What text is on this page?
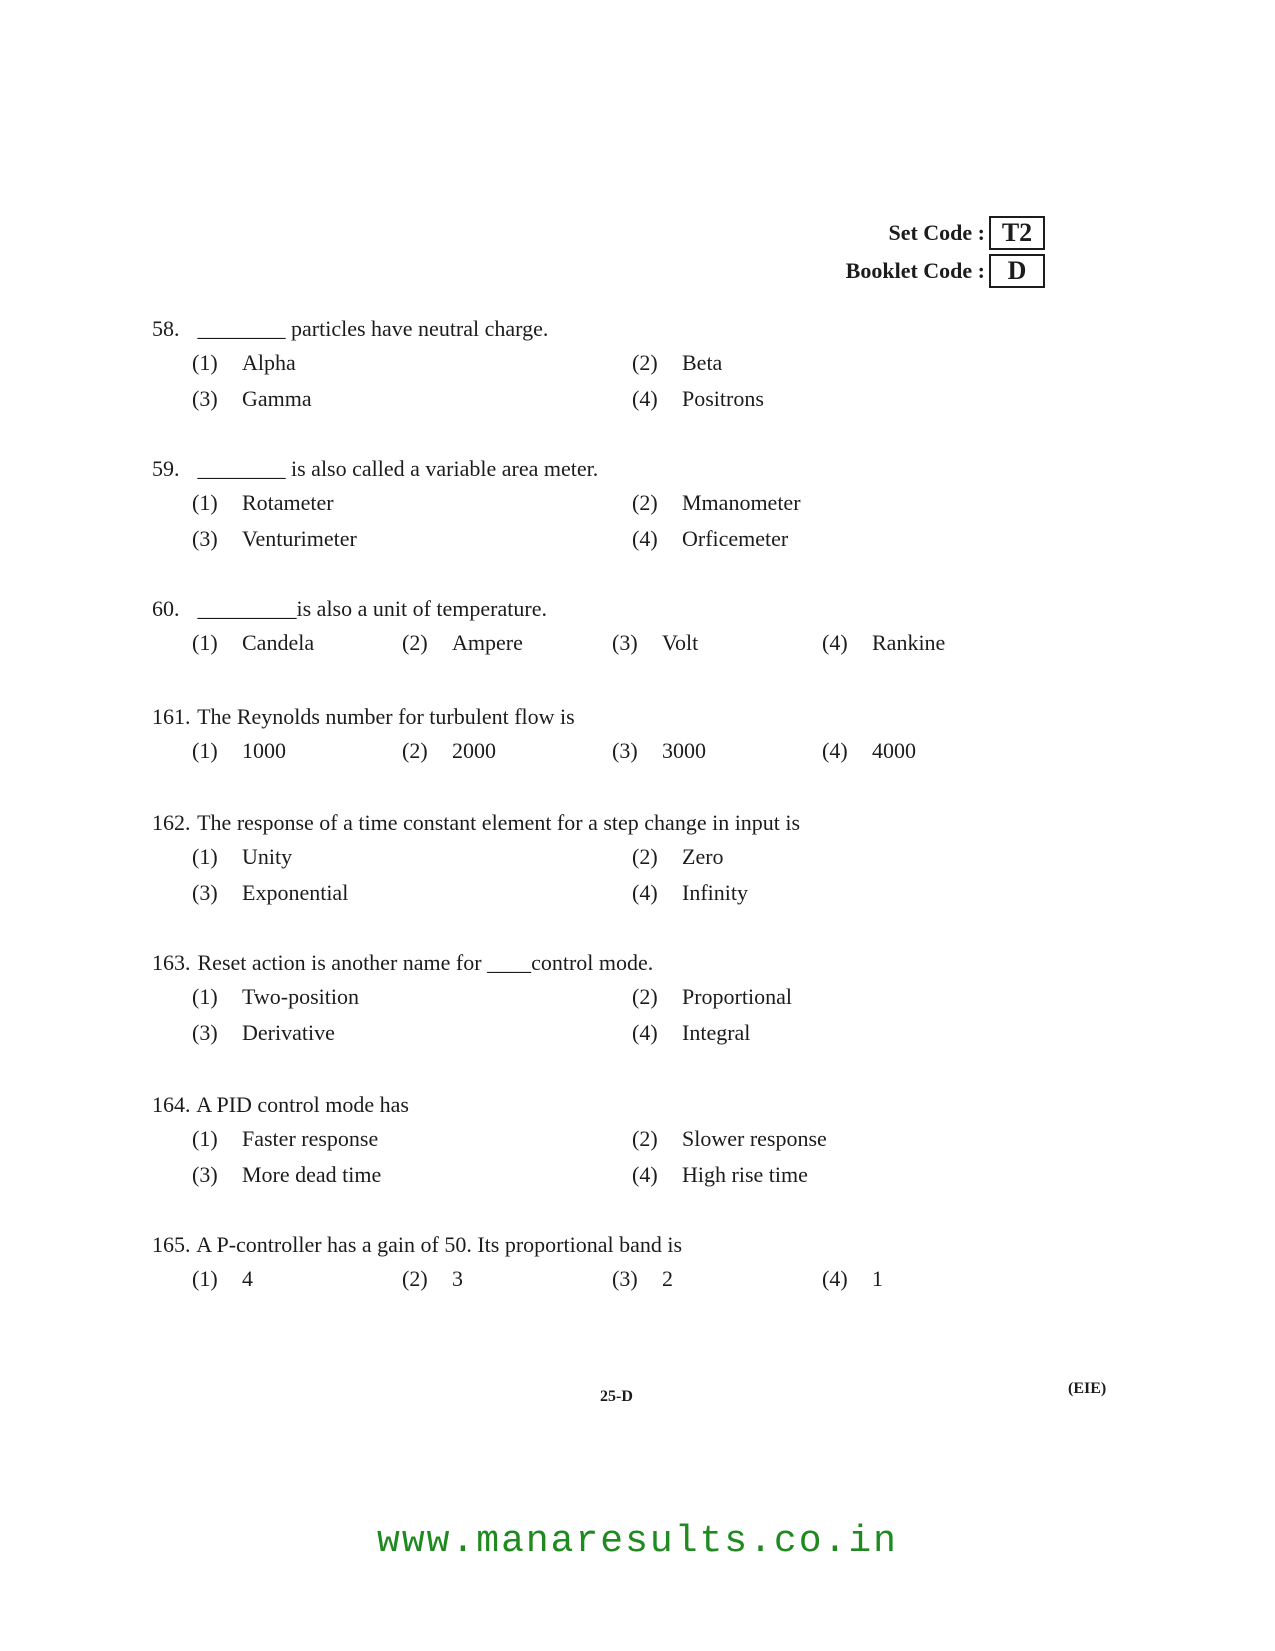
Set Code : T2
Booklet Code : D
58. ________ particles have neutral charge.
(1)	Alpha	(2)	Beta
(3)	Gamma	(4)	Positrons
59. ________ is also called a variable area meter.
(1)	Rotameter	(2)	Mmanometer
(3)	Venturimeter	(4)	Orficemeter
60. _________is also a unit of temperature.
(1)	Candela	(2)	Ampere	(3)	Volt	(4)	Rankine
161. The Reynolds number for turbulent flow is
(1)	1000	(2)	2000	(3)	3000	(4)	4000
162. The response of a time constant element for a step change in input is
(1)	Unity	(2)	Zero
(3)	Exponential	(4)	Infinity
163. Reset action is another name for ____control mode.
(1)	Two-position	(2)	Proportional
(3)	Derivative	(4)	Integral
164. A PID control mode has
(1)	Faster response	(2)	Slower response
(3)	More dead time	(4)	High rise time
165. A P-controller has a gain of 50. Its proportional band is
(1)	4	(2)	3	(3)	2	(4)	1
25-D	(EIE)
www.manaresults.co.in
